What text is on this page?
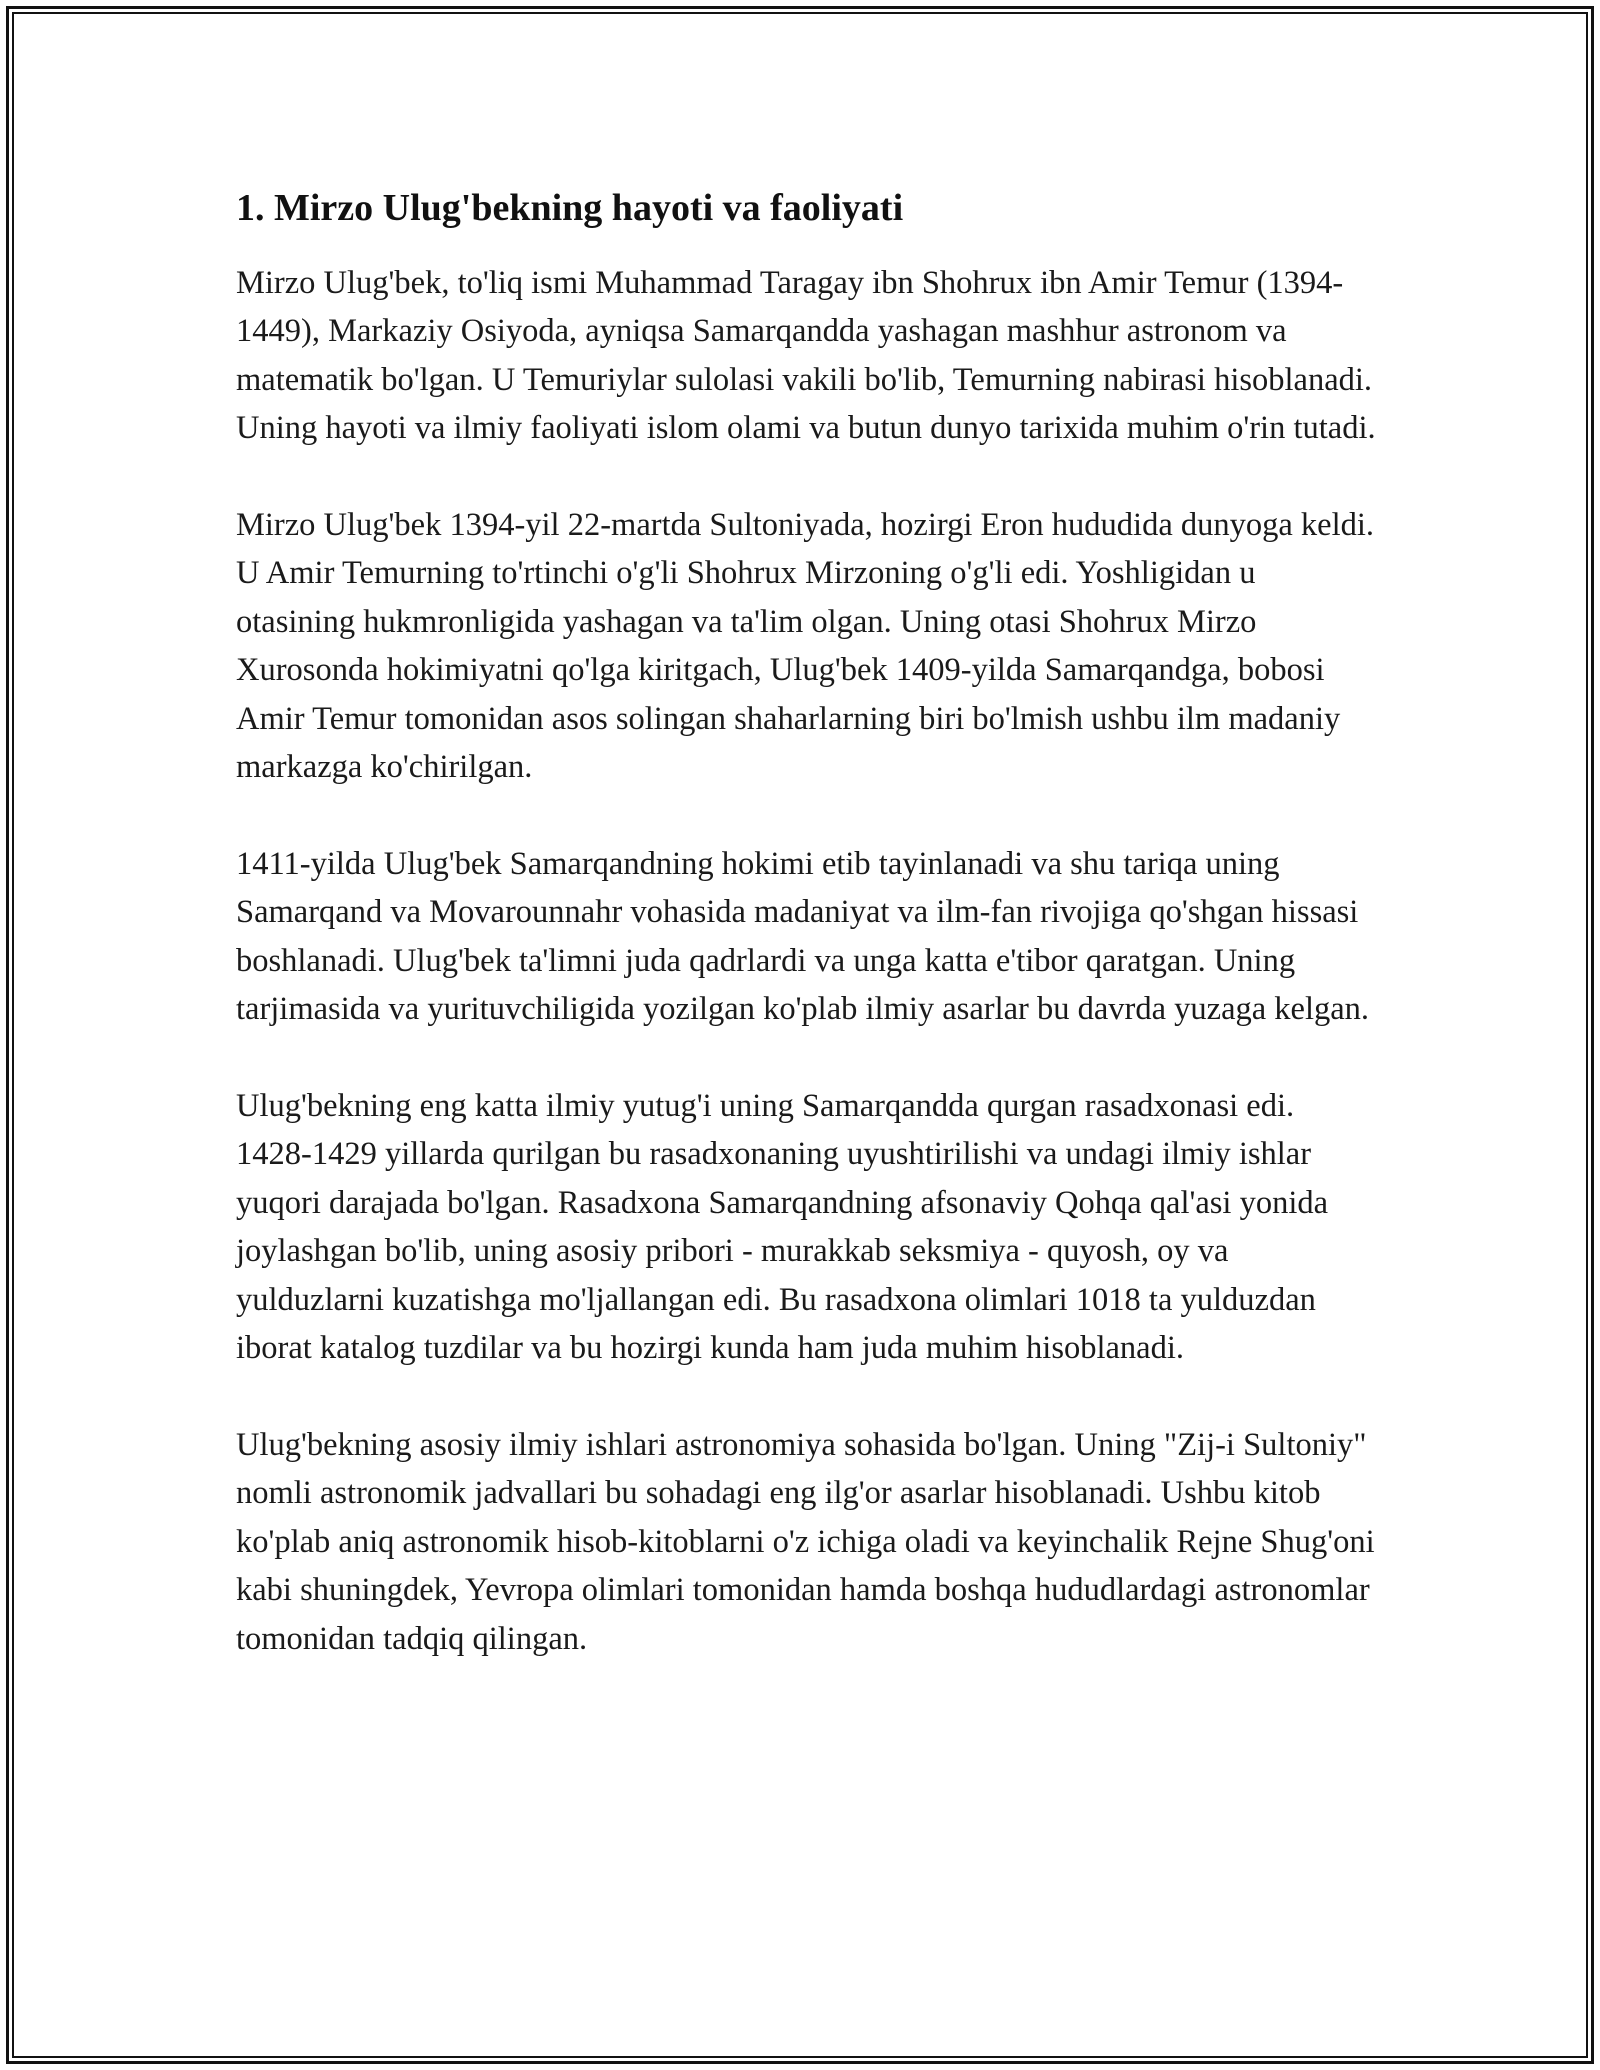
1. Mirzo Ulug'bekning hayoti va faoliyati

Mirzo Ulug'bek, to'liq ismi Muhammad Taragay ibn Shohrux ibn Amir Temur (1394-1449), Markaziy Osiyoda, ayniqsa Samarqandda yashagan mashhur astronom va matematik bo'lgan. U Temuriylar sulolasi vakili bo'lib, Temurning nabirasi hisoblanadi. Uning hayoti va ilmiy faoliyati islom olami va butun dunyo tarixida muhim o'rin tutadi.

Mirzo Ulug'bek 1394-yil 22-martda Sultoniyada, hozirgi Eron hududida dunyoga keldi. U Amir Temurning to'rtinchi o'g'li Shohrux Mirzoning o'g'li edi. Yoshligidan u otasining hukmronligida yashagan va ta'lim olgan. Uning otasi Shohrux Mirzo Xurosonda hokimiyatni qo'lga kiritgach, Ulug'bek 1409-yilda Samarqandga, bobosi Amir Temur tomonidan asos solingan shaharlarning biri bo'lmish ushbu ilm madaniy markazga ko'chirilgan.

1411-yilda Ulug'bek Samarqandning hokimi etib tayinlanadi va shu tariqa uning Samarqand va Movarounnahr vohasida madaniyat va ilm-fan rivojiga qo'shgan hissasi boshlanadi. Ulug'bek ta'limni juda qadrlardi va unga katta e'tibor qaratgan. Uning tarjimasida va yurituvchiligida yozilgan ko'plab ilmiy asarlar bu davrda yuzaga kelgan.

Ulug'bekning eng katta ilmiy yutug'i uning Samarqandda qurgan rasadxonasi edi. 1428-1429 yillarda qurilgan bu rasadxonaning uyushtirilishi va undagi ilmiy ishlar yuqori darajada bo'lgan. Rasadxona Samarqandning afsonaviy Qohqa qal'asi yonida joylashgan bo'lib, uning asosiy pribori - murakkab seksmiya - quyosh, oy va yulduzlarni kuzatishga mo'ljallangan edi. Bu rasadxona olimlari 1018 ta yulduzdan iborat katalog tuzdilar va bu hozirgi kunda ham juda muhim hisoblanadi.

Ulug'bekning asosiy ilmiy ishlari astronomiya sohasida bo'lgan. Uning "Zij-i Sultoniy" nomli astronomik jadvallari bu sohadagi eng ilg'or asarlar hisoblanadi. Ushbu kitob ko'plab aniq astronomik hisob-kitoblarni o'z ichiga oladi va keyinchalik Rejne Shug'oni kabi shuningdek, Yevropa olimlari tomonidan hamda boshqa hududlardagi astronomlar tomonidan tadqiq qilingan.
